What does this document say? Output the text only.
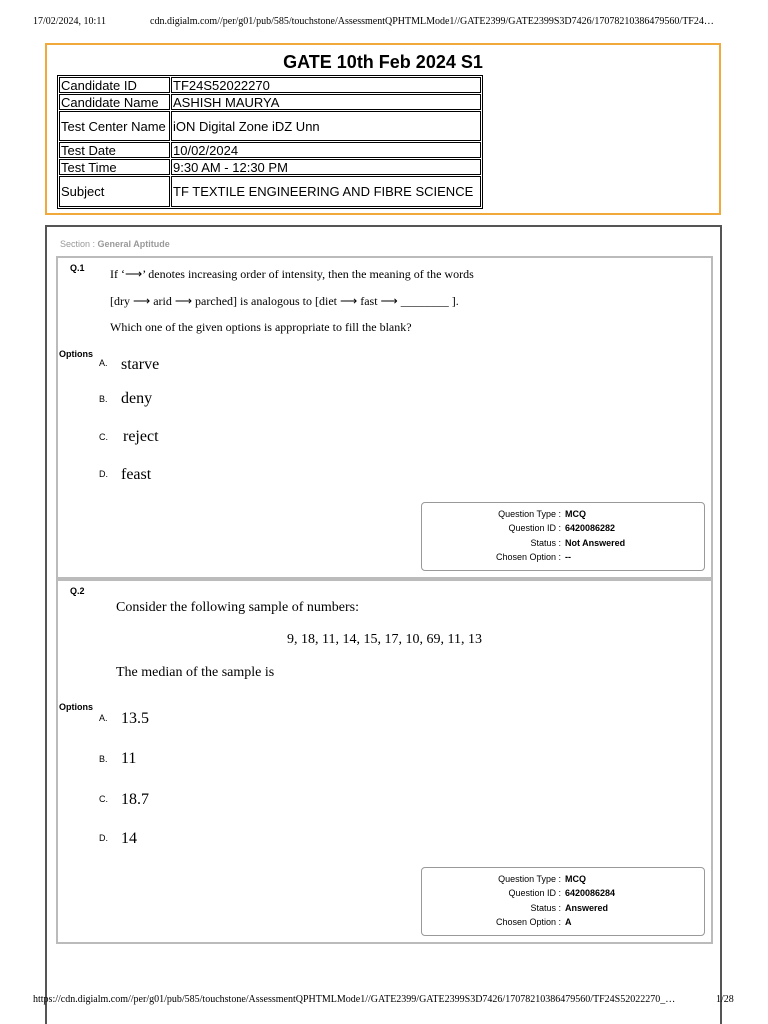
17/02/2024, 10:11	cdn.digialm.com//per/g01/pub/585/touchstone/AssessmentQPHTMLMode1//GATE2399/GATE2399S3D7426/17078210386479560/TF24…
GATE 10th Feb 2024 S1
Candidate ID	TF24S52022270
Candidate Name	ASHISH MAURYA
Test Center Name	iON Digital Zone iDZ Unn
Test Date	10/02/2024
Test Time	9:30 AM - 12:30 PM
Subject	TF TEXTILE ENGINEERING AND FIBRE SCIENCE
Section : General Aptitude
Q.1 If ‘⟶’ denotes increasing order of intensity, then the meaning of the words
[dry ⟶ arid ⟶ parched] is analogous to [diet ⟶ fast ⟶ ________ ].
Which one of the given options is appropriate to fill the blank?
Options
A. starve
B. deny
C. reject
D. feast
Question Type : MCQ
Question ID : 6420086282
Status : Not Answered
Chosen Option : --
Q.2
Consider the following sample of numbers:
9, 18, 11, 14, 15, 17, 10, 69, 11, 13
The median of the sample is
Options
A. 13.5
B. 11
C. 18.7
D. 14
Question Type : MCQ
Question ID : 6420086284
Status : Answered
Chosen Option : A
https://cdn.digialm.com//per/g01/pub/585/touchstone/AssessmentQPHTMLMode1//GATE2399/GATE2399S3D7426/17078210386479560/TF24S52022270_…	1/28
